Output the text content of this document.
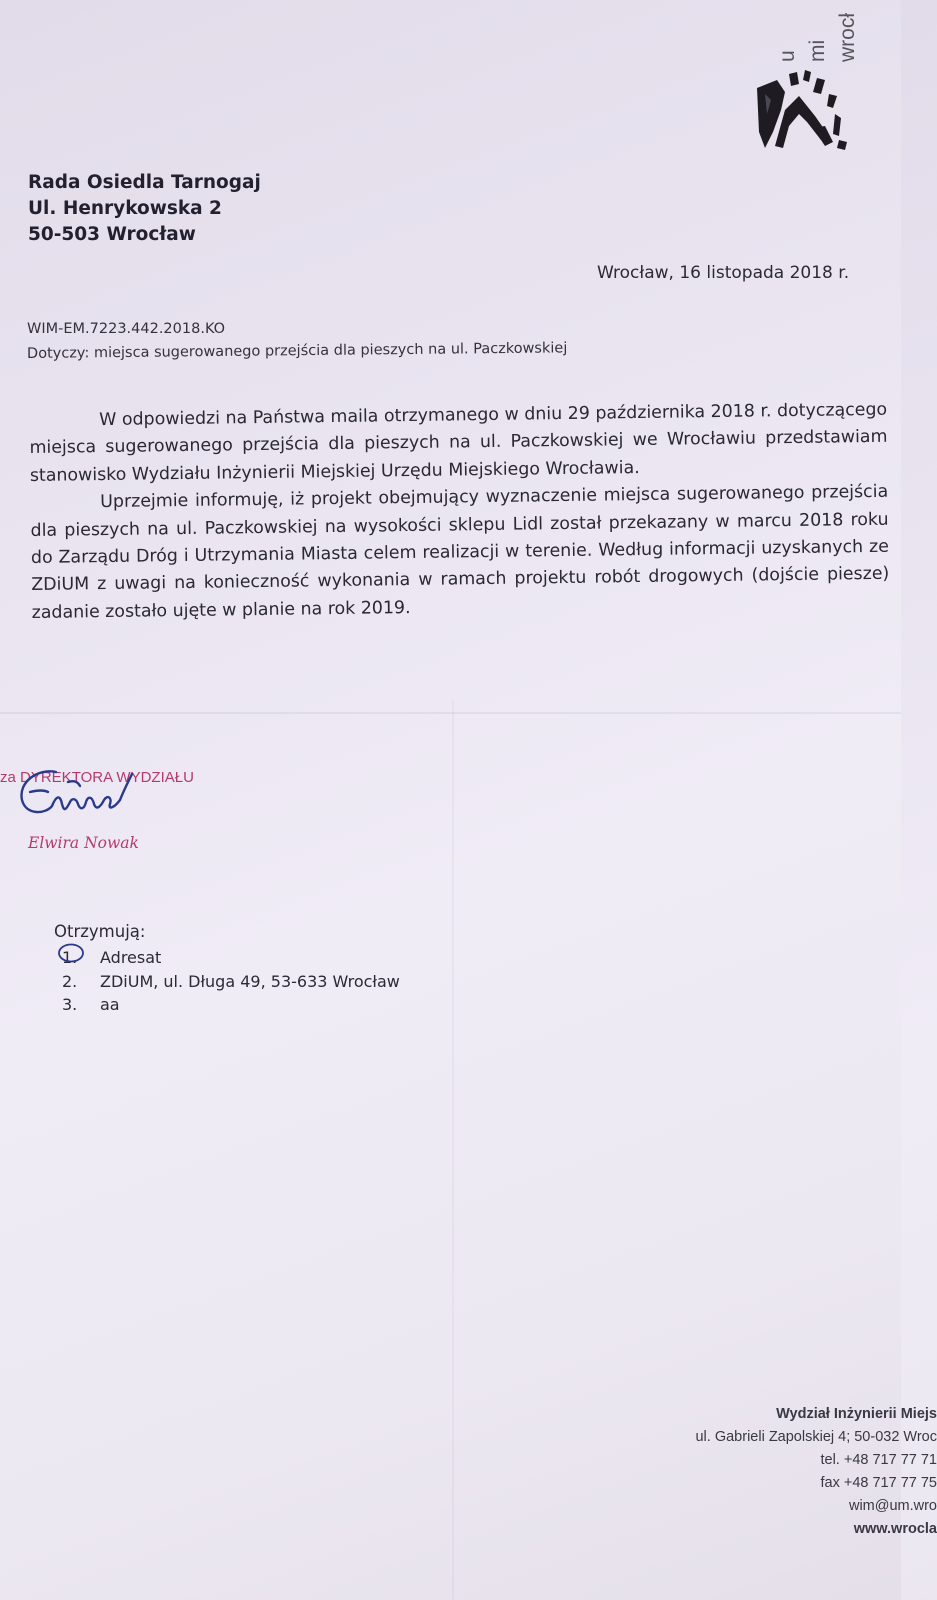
u mi wrocł
Rada Osiedla Tarnogaj
Ul. Henrykowska 2
50-503 Wrocław
Wrocław, 16 listopada 2018 r.
WIM-EM.7223.442.2018.KO
Dotyczy: miejsca sugerowanego przejścia dla pieszych na ul. Paczkowskiej

W odpowiedzi na Państwa maila otrzymanego w dniu 29 października 2018 r. dotyczącego miejsca sugerowanego przejścia dla pieszych na ul. Paczkowskiej we Wrocławiu przedstawiam stanowisko Wydziału Inżynierii Miejskiej Urzędu Miejskiego Wrocławia.

Uprzejmie informuję, iż projekt obejmujący wyznaczenie miejsca sugerowanego przejścia dla pieszych na ul. Paczkowskiej na wysokości sklepu Lidl został przekazany w marcu 2018 roku do Zarządu Dróg i Utrzymania Miasta celem realizacji w terenie. Według informacji uzyskanych ze ZDiUM z uwagi na konieczność wykonania w ramach projektu robót drogowych (dojście piesze) zadanie zostało ujęte w planie na rok 2019.

za DYREKTORA WYDZIAŁU
Elwira Nowak
Otrzymują:
1.	Adresat
2.	ZDiUM, ul. Długa 49, 53-633 Wrocław
3.	aa
Wydział Inżynierii Miejs
ul. Gabrieli Zapolskiej 4; 50-032 Wroc
tel. +48 717 77 71
fax +48 717 77 75
wim@um.wro
www.wrocla
